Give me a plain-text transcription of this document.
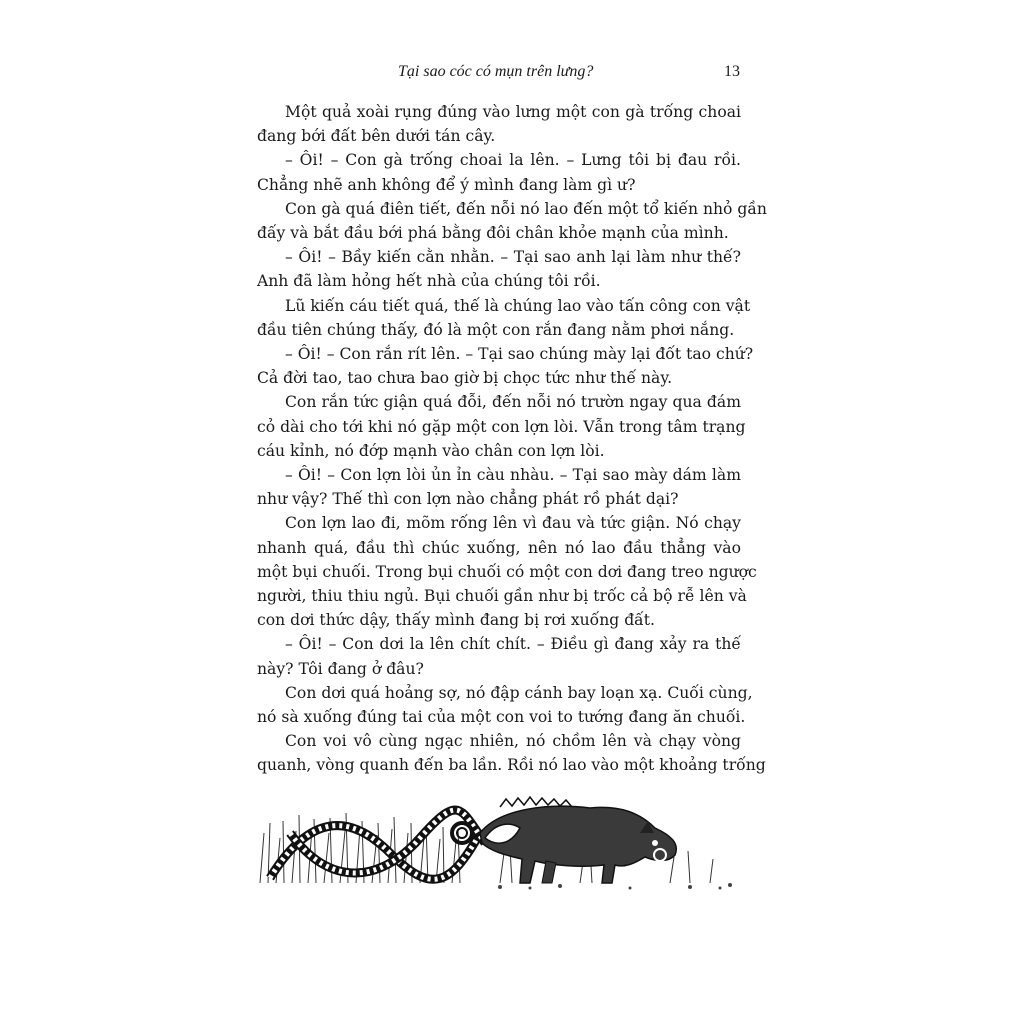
Tại sao cóc có mụn trên lưng?	13
Một quả xoài rụng đúng vào lưng một con gà trống choai
đang bới đất bên dưới tán cây.
– Ôi! – Con gà trống choai la lên. – Lưng tôi bị đau rồi.
Chẳng nhẽ anh không để ý mình đang làm gì ư?
Con gà quá điên tiết, đến nỗi nó lao đến một tổ kiến nhỏ gần
đấy và bắt đầu bới phá bằng đôi chân khỏe mạnh của mình.
– Ôi! – Bầy kiến cằn nhằn. – Tại sao anh lại làm như thế?
Anh đã làm hỏng hết nhà của chúng tôi rồi.
Lũ kiến cáu tiết quá, thế là chúng lao vào tấn công con vật
đầu tiên chúng thấy, đó là một con rắn đang nằm phơi nắng.
– Ôi! – Con rắn rít lên. – Tại sao chúng mày lại đốt tao chứ?
Cả đời tao, tao chưa bao giờ bị chọc tức như thế này.
Con rắn tức giận quá đỗi, đến nỗi nó trườn ngay qua đám
cỏ dài cho tới khi nó gặp một con lợn lòi. Vẫn trong tâm trạng
cáu kỉnh, nó đớp mạnh vào chân con lợn lòi.
– Ôi! – Con lợn lòi ủn ỉn càu nhàu. – Tại sao mày dám làm
như vậy? Thế thì con lợn nào chẳng phát rồ phát dại?
Con lợn lao đi, mõm rống lên vì đau và tức giận. Nó chạy
nhanh quá, đầu thì chúc xuống, nên nó lao đầu thẳng vào
một bụi chuối. Trong bụi chuối có một con dơi đang treo ngược
người, thiu thiu ngủ. Bụi chuối gần như bị trốc cả bộ rễ lên và
con dơi thức dậy, thấy mình đang bị rơi xuống đất.
– Ôi! – Con dơi la lên chít chít. – Điều gì đang xảy ra thế
này? Tôi đang ở đâu?
Con dơi quá hoảng sợ, nó đập cánh bay loạn xạ. Cuối cùng,
nó sà xuống đúng tai của một con voi to tướng đang ăn chuối.
Con voi vô cùng ngạc nhiên, nó chồm lên và chạy vòng
quanh, vòng quanh đến ba lần. Rồi nó lao vào một khoảng trống
